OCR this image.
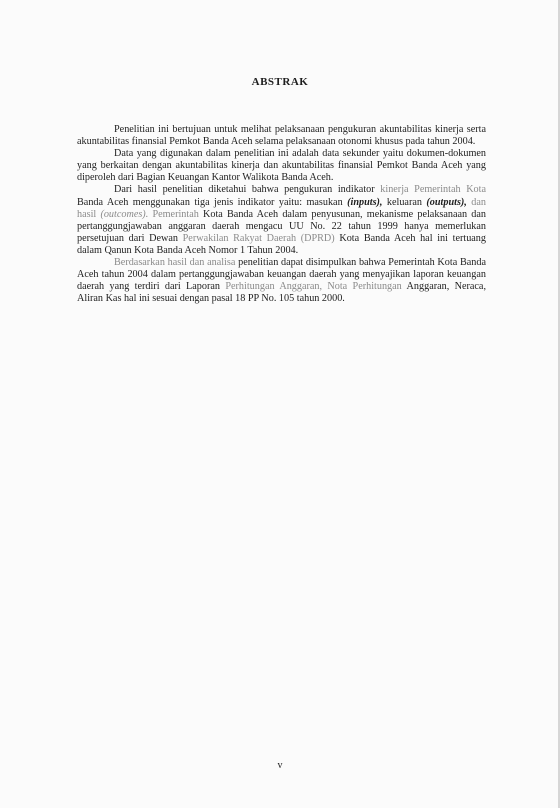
ABSTRAK

Penelitian ini bertujuan untuk melihat pelaksanaan pengukuran akuntabilitas kinerja serta akuntabilitas finansial Pemkot Banda Aceh selama pelaksanaan otonomi khusus pada tahun 2004.

Data yang digunakan dalam penelitian ini adalah data sekunder yaitu dokumen-dokumen yang berkaitan dengan akuntabilitas kinerja dan akuntabilitas finansial Pemkot Banda Aceh yang diperoleh dari Bagian Keuangan Kantor Walikota Banda Aceh.

Dari hasil penelitian diketahui bahwa pengukuran indikator kinerja Pemerintah Kota Banda Aceh menggunakan tiga jenis indikator yaitu: masukan (inputs), keluaran (outputs), dan hasil (outcomes). Pemerintah Kota Banda Aceh dalam penyusunan, mekanisme pelaksanaan dan pertanggungjawaban anggaran daerah mengacu UU No. 22 tahun 1999 hanya memerlukan persetujuan dari Dewan Perwakilan Rakyat Daerah (DPRD) Kota Banda Aceh hal ini tertuang dalam Qanun Kota Banda Aceh Nomor 1 Tahun 2004.

Berdasarkan hasil dan analisa penelitian dapat disimpulkan bahwa Pemerintah Kota Banda Aceh tahun 2004 dalam pertanggungjawaban keuangan daerah yang menyajikan laporan keuangan daerah yang terdiri dari Laporan Perhitungan Anggaran, Nota Perhitungan Anggaran, Neraca, Aliran Kas hal ini sesuai dengan pasal 18 PP No. 105 tahun 2000.

v
